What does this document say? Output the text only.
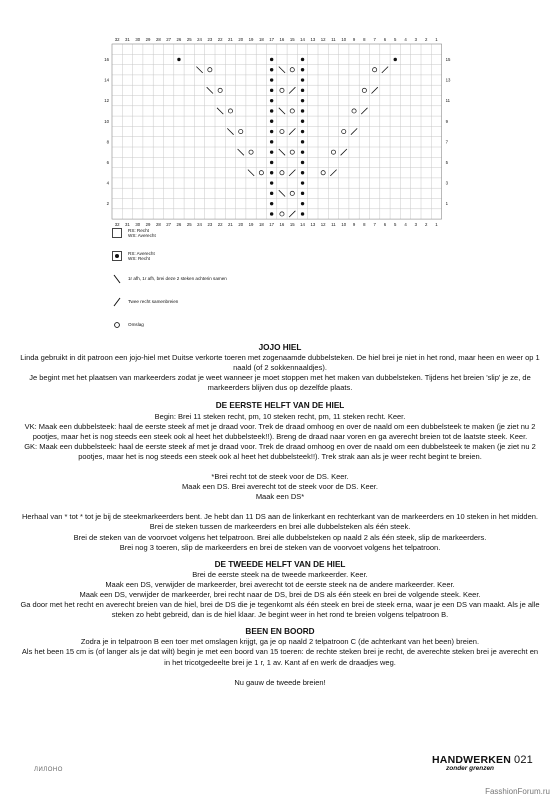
32
32
31
31
30
30
29
29
28
28
27
27
26
26
25
25
24
24
23
23
22
22
21
21
20
20
19
19
18
18
17
17
16
16
15
15
14
14
13
13
12
12
11
11
10
10
9
9
8
8
7
7
6
6
5
5
4
4
3
3
2
2
1
1
16
14
12
10
8
6
4
2
15
13
11
9
7
5
3
1
RS: Recht
WS: Averecht
RS: Averecht
WS: Recht
1r afh, 1r afh, brei deze 2 steken achterin samen
Twee recht samenbreien
Omslag
JOJO HIEL

Linda gebruikt in dit patroon een jojo-hiel met Duitse verkorte toeren met zogenaamde dubbelsteken. De hiel brei je niet in het rond, maar heen en weer op 1 naald (of 2 sokkennaaldjes).

Je begint met het plaatsen van markeerders zodat je weet wanneer je moet stoppen met het maken van dubbelsteken. Tijdens het breien 'slip' je ze, de markeerders blijven dus op dezelfde plaats.

DE EERSTE HELFT VAN DE HIEL

Begin: Brei 11 steken recht, pm, 10 steken recht, pm, 11 steken recht. Keer.

VK: Maak een dubbelsteek: haal de eerste steek af met je draad voor. Trek de draad omhoog en over de naald om een dubbelsteek te maken (je ziet nu 2 pootjes, maar het is nog steeds een steek ook al heet het dubbelsteek!!). Breng de draad naar voren en ga averecht breien tot de laatste steek. Keer.

GK: Maak een dubbelsteek: haal de eerste steek af met je draad voor. Trek de draad omhoog en over de naald om een dubbelsteek te maken (je ziet nu 2 pootjes, maar het is nog steeds een steek ook al heet het dubbelsteek!!). Trek strak aan als je weer recht begint te breien.

*Brei recht tot de steek voor de DS. Keer.

Maak een DS. Brei averecht tot de steek voor de DS. Keer.

Maak een DS*

Herhaal van * tot * tot je bij de steekmarkeerders bent. Je hebt dan 11 DS aan de linkerkant en rechterkant van de markeerders en 10 steken in het midden.

Brei de steken tussen de markeerders en brei alle dubbelsteken als één steek.

Brei de steken van de voorvoet volgens het telpatroon. Brei alle dubbelsteken op naald 2 als één steek, slip de markeerders.

Brei nog 3 toeren, slip de markeerders en brei de steken van de voorvoet volgens het telpatroon.

DE TWEEDE HELFT VAN DE HIEL

Brei de eerste steek na de tweede markeerder. Keer.

Maak een DS, verwijder de markeerder, brei averecht tot de eerste steek na de andere markeerder. Keer.

Maak een DS, verwijder de markeerder, brei recht naar de DS, brei de DS als één steek en brei de volgende steek. Keer.

Ga door met het recht en averecht breien van de hiel, brei de DS die je tegenkomt als één steek en brei de steek erna, waar je een DS van maakt. Als je alle steken zo hebt gebreid, dan is de hiel klaar. Je begint weer in het rond te breien volgens telpatroon B.

BEEN EN BOORD

Zodra je in telpatroon B een toer met omslagen krijgt, ga je op naald 2 telpatroon C (de achterkant van het been) breien.

Als het been 15 cm is (of langer als je dat wilt) begin je met een boord van 15 toeren: de rechte steken brei je recht, de averechte steken brei je averecht en in het tricotgedeelte brei je 1 r, 1 av. Kant af en werk de draadjes weg.

Nu gauw de tweede breien!

ЛИЛОНО
HANDWERKEN 021
zonder grenzen
FasshionForum.ru
